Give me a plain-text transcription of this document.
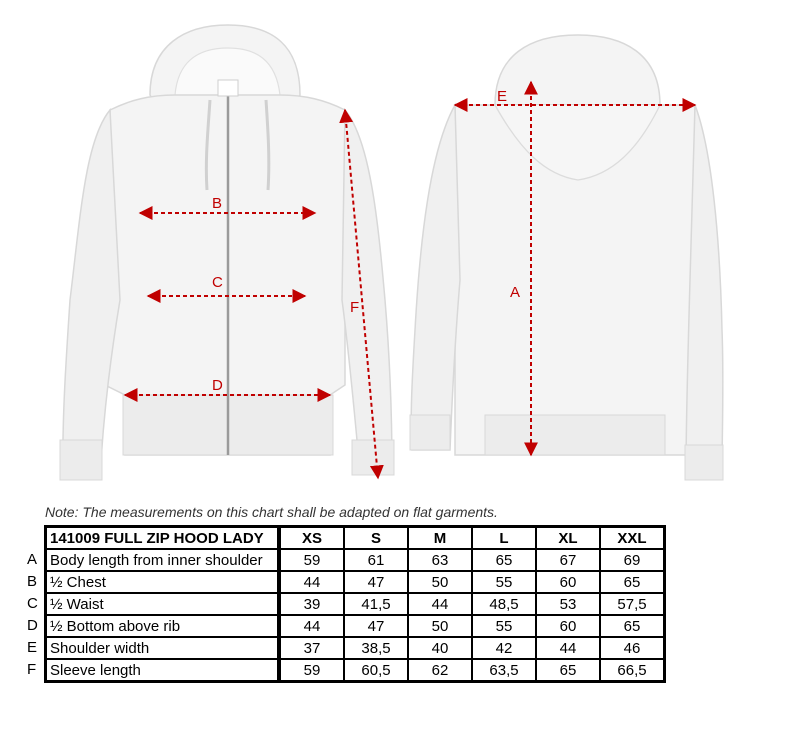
B
C
D
F
E
A
Note: The measurements on this chart shall be adapted on flat garments.
A
B
C
D
E
F
141009 FULL ZIP HOOD LADY	XS	S	M	L	XL	XXL
Body length from inner shoulder	59	61	63	65	67	69
½ Chest	44	47	50	55	60	65
½ Waist	39	41,5	44	48,5	53	57,5
½ Bottom above rib	44	47	50	55	60	65
Shoulder width	37	38,5	40	42	44	46
Sleeve length	59	60,5	62	63,5	65	66,5
